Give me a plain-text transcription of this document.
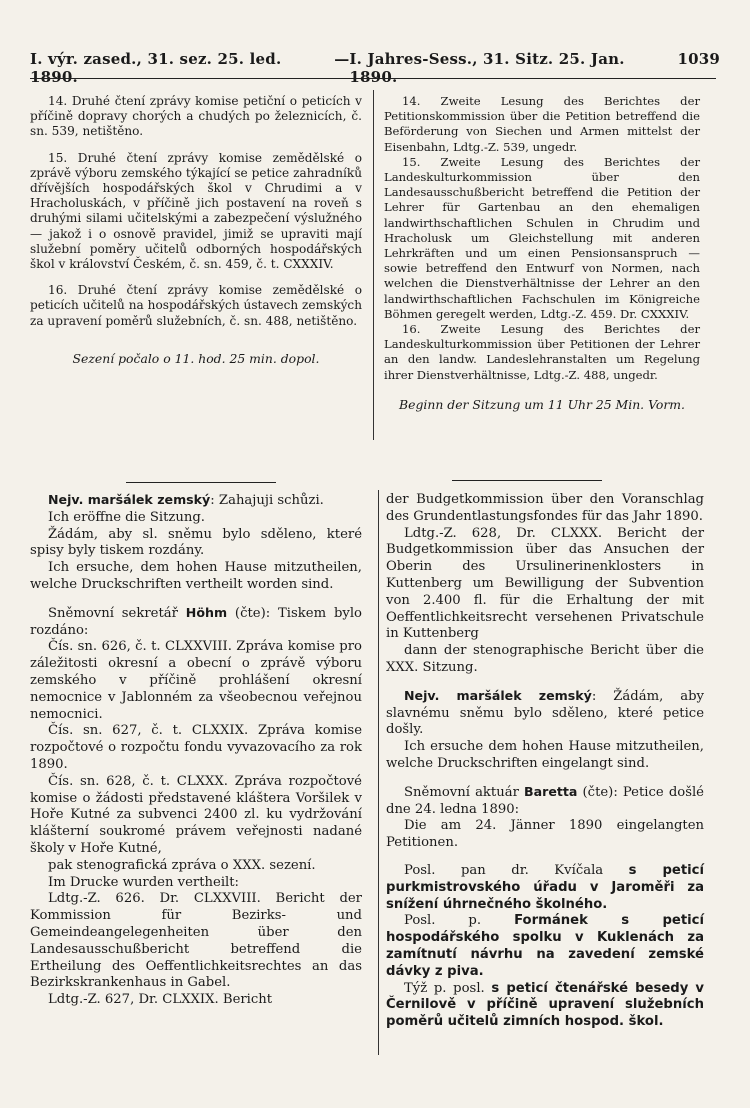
I. výr. zased., 31. sez. 25. led. 1890.
— I. Jahres-Sess., 31. Sitz. 25. Jan. 1890.
1039

14. Druhé čtení zprávy komise petiční o peticích v příčině dopravy chorých a chudých po železnicích, č. sn. 539, netištěno.

15. Druhé čtení zprávy komise zemědělské o zprávě výboru zemského týkající se petice zahradníků dřívějších hospodářských škol v Chrudimi a v Hracholuskách, v příčině jich postavení na roveň s druhými silami učitelskými a zabezpečení výslužného — jakož i o osnově pravidel, jimiž se upraviti mají služební poměry učitelů odborných hospodářských škol v království Českém, č. sn. 459, č. t. CXXXIV.

16. Druhé čtení zprávy komise zemědělské o peticích učitelů na hospodářských ústavech zemských za upravení poměrů služebních, č. sn. 488, netištěno.

Sezení počalo o 11. hod. 25 min. dopol.

14. Zweite Lesung des Berichtes der Petitionskommission über die Petition betreffend die Beförderung von Siechen und Armen mittelst der Eisenbahn, Ldtg.-Z. 539, ungedr.

15. Zweite Lesung des Berichtes der Landeskulturkommission über den Landesausschußbericht betreffend die Petition der Lehrer für Gartenbau an den ehemaligen landwirthschaftlichen Schulen in Chrudim und Hracholusk um Gleichstellung mit anderen Lehrkräften und um einen Pensionsanspruch — sowie betreffend den Entwurf von Normen, nach welchen die Dienstverhältnisse der Lehrer an den landwirthschaftlichen Fachschulen im Königreiche Böhmen geregelt werden, Ldtg.-Z. 459. Dr. CXXXIV.

16. Zweite Lesung des Berichtes der Landeskulturkommission über Petitionen der Lehrer an den landw. Landeslehranstalten um Regelung ihrer Dienstverhältnisse, Ldtg.-Z. 488, ungedr.

Beginn der Sitzung um 11 Uhr 25 Min. Vorm.

Nejv. maršálek zemský: Zahajuji schůzi.

Ich eröffne die Sitzung.

Žádám, aby sl. sněmu bylo sděleno, které spisy byly tiskem rozdány.

Ich ersuche, dem hohen Hause mitzutheilen, welche Druckschriften vertheilt worden sind.

Sněmovní sekretář Höhm (čte): Tiskem bylo rozdáno:

Čís. sn. 626, č. t. CLXXVIII. Zpráva komise pro záležitosti okresní a obecní o zprávě výboru zemského v příčině prohlášení okresní nemocnice v Jablonném za všeobecnou veřejnou nemocnici.

Čís. sn. 627, č. t. CLXXIX. Zpráva komise rozpočtové o rozpočtu fondu vyvazovacího za rok 1890.

Čís. sn. 628, č. t. CLXXX. Zpráva rozpočtové komise o žádosti představené kláštera Voršilek v Hoře Kutné za subvenci 2400 zl. ku vydržování klášterní soukromé právem veřejnosti nadané školy v Hoře Kutné,

pak stenografická zpráva o XXX. sezení.

Im Drucke wurden vertheilt:

Ldtg.-Z. 626. Dr. CLXXVIII. Bericht der Kommission für Bezirks- und Gemeindeangelegenheiten über den Landesausschußbericht betreffend die Ertheilung des Oeffentlichkeitsrechtes an das Bezirkskrankenhaus in Gabel.

Ldtg.-Z. 627, Dr. CLXXIX. Bericht

der Budgetkommission über den Voranschlag des Grundentlastungsfondes für das Jahr 1890.

Ldtg.-Z. 628, Dr. CLXXX. Bericht der Budgetkommission über das Ansuchen der Oberin des Ursulinerinenklosters in Kuttenberg um Bewilligung der Subvention von 2.400 fl. für die Erhaltung der mit Oeffentlichkeitsrecht versehenen Privatschule in Kuttenberg

dann der stenographische Bericht über die XXX. Sitzung.

Nejv. maršálek zemský: Žádám, aby slavnému sněmu bylo sděleno, které petice došly.

Ich ersuche dem hohen Hause mitzutheilen, welche Druckschriften eingelangt sind.

Sněmovní aktuár Baretta (čte): Petice došlé dne 24. ledna 1890:

Die am 24. Jänner 1890 eingelangten Petitionen.

Posl. pan dr. Kvíčala s peticí purkmistrovského úřadu v Jaroměři za snížení úhrnečného školného.

Posl. p. Formánek s peticí hospodářského spolku v Kuklenách za zamítnutí návrhu na zavedení zemské dávky z piva.

Týž p. posl. s peticí čtenářské besedy v Černilově v příčině upravení služebních poměrů učitelů zimních hospod. škol.
